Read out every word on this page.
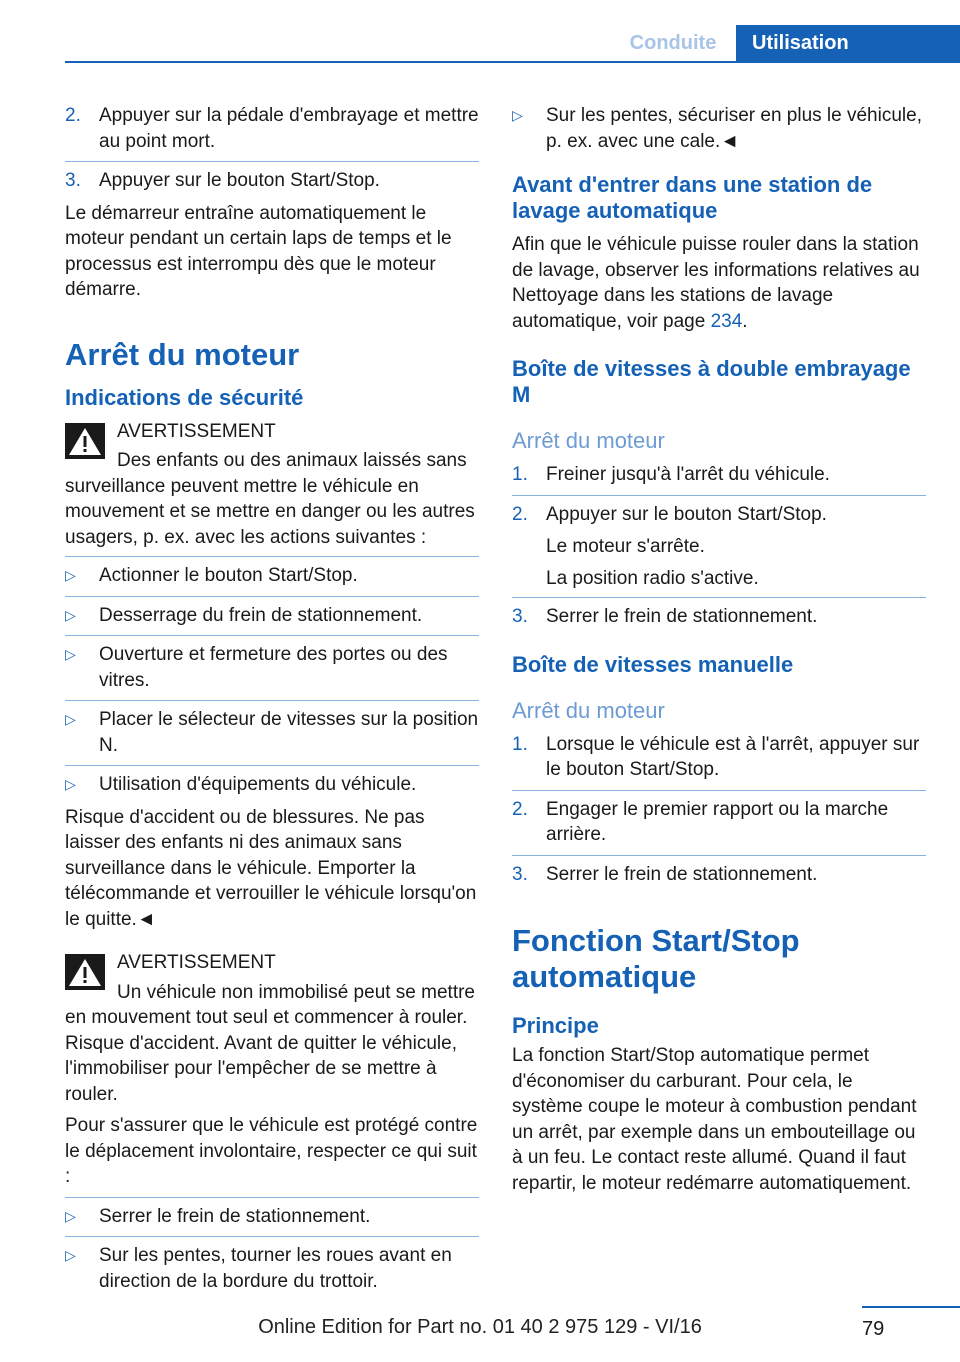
Conduite	Utilisation
2. Appuyer sur la pédale d'embrayage et mettre au point mort.
3. Appuyer sur le bouton Start/Stop.

Le démarreur entraîne automatiquement le moteur pendant un certain laps de temps et le processus est interrompu dès que le moteur démarre.

Arrêt du moteur
Indications de sécurité
AVERTISSEMENT
Des enfants ou des animaux laissés sans surveillance peuvent mettre le véhicule en mouvement et se mettre en danger ou les autres usagers, p. ex. avec les actions suivantes :
▷ Actionner le bouton Start/Stop.
▷ Desserrage du frein de stationnement.
▷ Ouverture et fermeture des portes ou des vitres.
▷ Placer le sélecteur de vitesses sur la position N.
▷ Utilisation d'équipements du véhicule.

Risque d'accident ou de blessures. Ne pas laisser des enfants ni des animaux sans surveillance dans le véhicule. Emporter la télécommande et verrouiller le véhicule lorsqu'on le quitte.◄

AVERTISSEMENT
Un véhicule non immobilisé peut se mettre en mouvement tout seul et commencer à rouler. Risque d'accident. Avant de quitter le véhicule, l'immobiliser pour l'empêcher de se mettre à rouler.

Pour s'assurer que le véhicule est protégé contre le déplacement involontaire, respecter ce qui suit :

▷ Serrer le frein de stationnement.
▷ Sur les pentes, tourner les roues avant en direction de la bordure du trottoir.
▷ Sur les pentes, sécuriser en plus le véhicule, p. ex. avec une cale.◄
Avant d'entrer dans une station de lavage automatique

Afin que le véhicule puisse rouler dans la station de lavage, observer les informations relatives au Nettoyage dans les stations de lavage automatique, voir page 234.

Boîte de vitesses à double embrayage M
Arrêt du moteur
1. Freiner jusqu'à l'arrêt du véhicule.
2. Appuyer sur le bouton Start/Stop.
Le moteur s'arrête.
La position radio s'active.
3. Serrer le frein de stationnement.
Boîte de vitesses manuelle
Arrêt du moteur
1. Lorsque le véhicule est à l'arrêt, appuyer sur le bouton Start/Stop.
2. Engager le premier rapport ou la marche arrière.
3. Serrer le frein de stationnement.
Fonction Start/Stop automatique
Principe

La fonction Start/Stop automatique permet d'économiser du carburant. Pour cela, le système coupe le moteur à combustion pendant un arrêt, par exemple dans un embouteillage ou à un feu. Le contact reste allumé. Quand il faut repartir, le moteur redémarre automatiquement.

79
Online Edition for Part no. 01 40 2 975 129 - VI/16
